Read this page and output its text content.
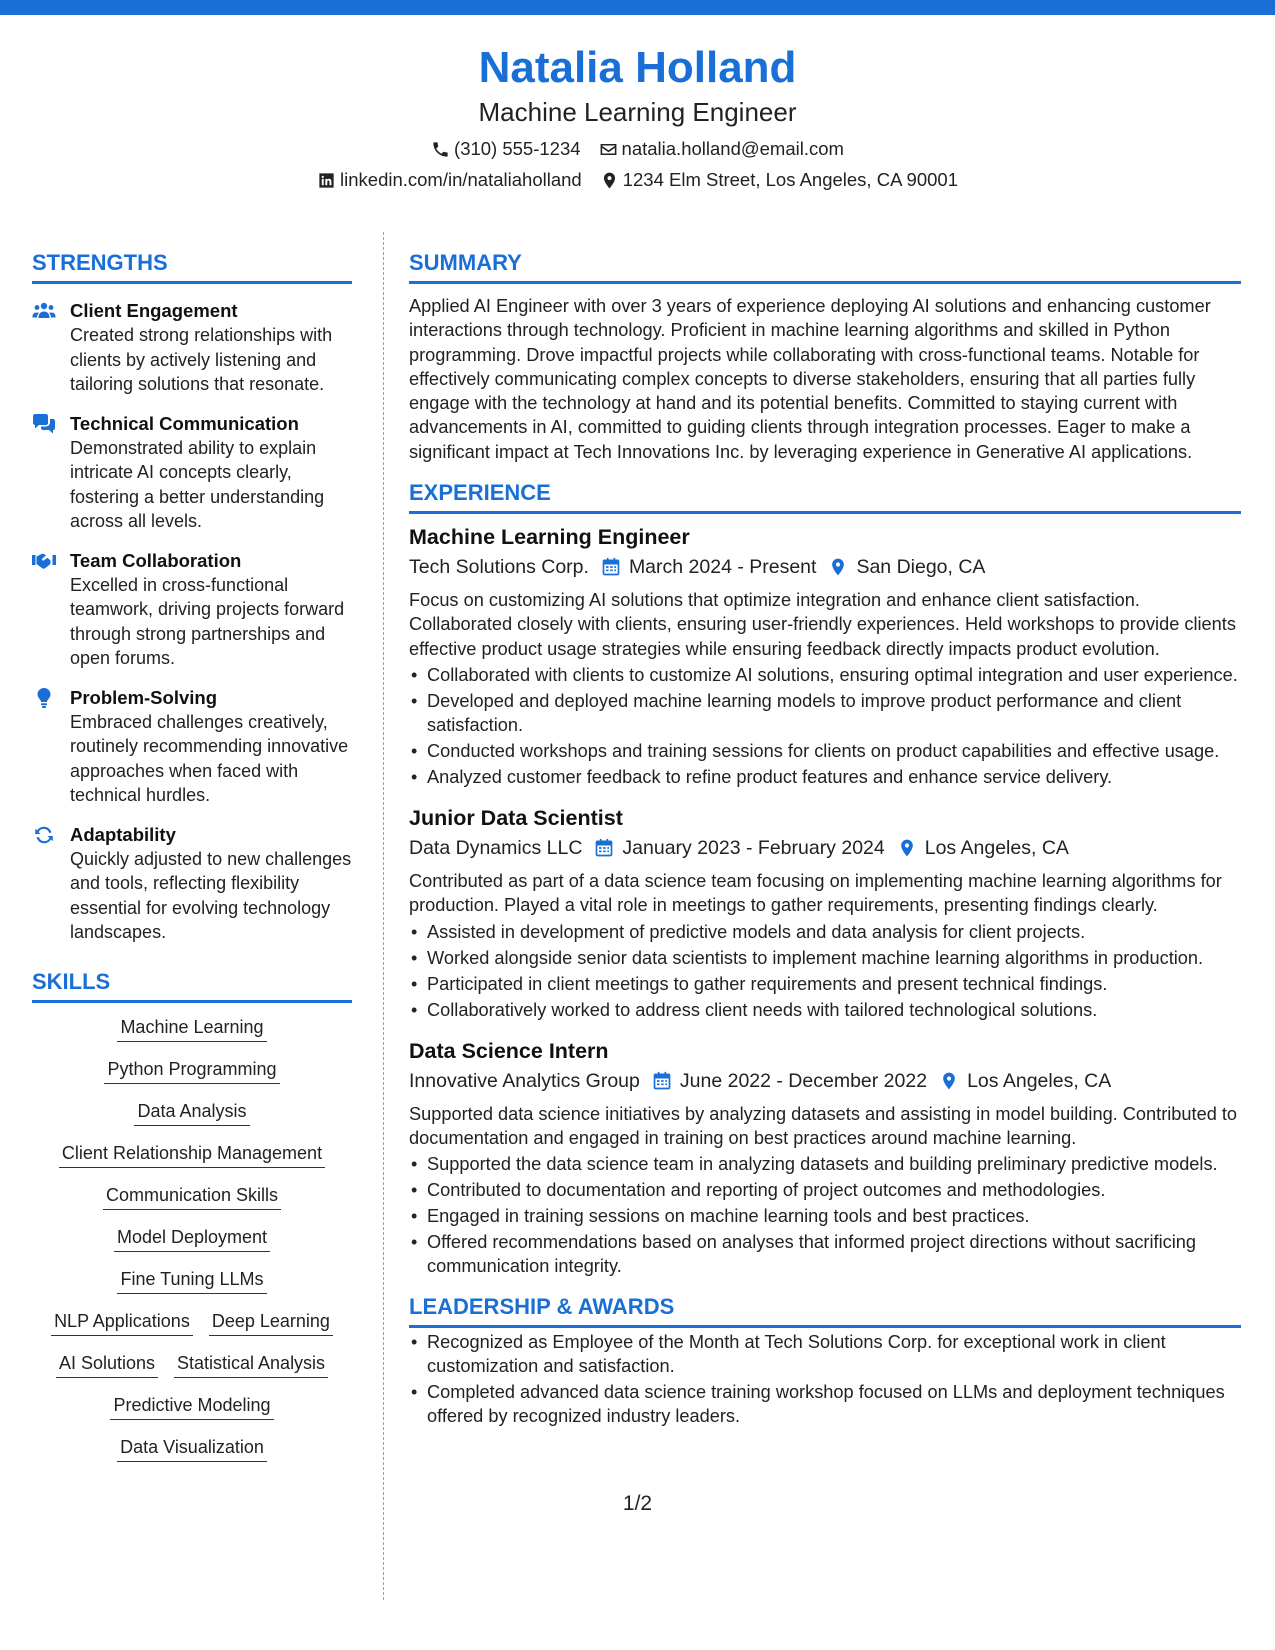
Natalia Holland
Machine Learning Engineer
(310) 555-1234 natalia.holland@email.com
linkedin.com/in/nataliaholland 1234 Elm Street, Los Angeles, CA 90001
STRENGTHS
Client Engagement
Created strong relationships with clients by actively listening and tailoring solutions that resonate.
Technical Communication
Demonstrated ability to explain intricate AI concepts clearly, fostering a better understanding across all levels.
Team Collaboration
Excelled in cross-functional teamwork, driving projects forward through strong partnerships and open forums.
Problem-Solving
Embraced challenges creatively, routinely recommending innovative approaches when faced with technical hurdles.
Adaptability
Quickly adjusted to new challenges and tools, reflecting flexibility essential for evolving technology landscapes.
SKILLS
Machine Learning
Python Programming
Data Analysis
Client Relationship Management
Communication Skills
Model Deployment
Fine Tuning LLMs
NLP Applications Deep Learning
AI Solutions Statistical Analysis
Predictive Modeling
Data Visualization
SUMMARY
Applied AI Engineer with over 3 years of experience deploying AI solutions and enhancing customer interactions through technology. Proficient in machine learning algorithms and skilled in Python programming. Drove impactful projects while collaborating with cross-functional teams. Notable for effectively communicating complex concepts to diverse stakeholders, ensuring that all parties fully engage with the technology at hand and its potential benefits. Committed to staying current with advancements in AI, committed to guiding clients through integration processes. Eager to make a significant impact at Tech Innovations Inc. by leveraging experience in Generative AI applications.
EXPERIENCE
Machine Learning Engineer
Tech Solutions Corp. March 2024 - Present San Diego, CA
Focus on customizing AI solutions that optimize integration and enhance client satisfaction. Collaborated closely with clients, ensuring user-friendly experiences. Held workshops to provide clients effective product usage strategies while ensuring feedback directly impacts product evolution.
• Collaborated with clients to customize AI solutions, ensuring optimal integration and user experience.
• Developed and deployed machine learning models to improve product performance and client satisfaction.
• Conducted workshops and training sessions for clients on product capabilities and effective usage.
• Analyzed customer feedback to refine product features and enhance service delivery.
Junior Data Scientist
Data Dynamics LLC January 2023 - February 2024 Los Angeles, CA
Contributed as part of a data science team focusing on implementing machine learning algorithms for production. Played a vital role in meetings to gather requirements, presenting findings clearly.
• Assisted in development of predictive models and data analysis for client projects.
• Worked alongside senior data scientists to implement machine learning algorithms in production.
• Participated in client meetings to gather requirements and present technical findings.
• Collaboratively worked to address client needs with tailored technological solutions.
Data Science Intern
Innovative Analytics Group June 2022 - December 2022 Los Angeles, CA
Supported data science initiatives by analyzing datasets and assisting in model building. Contributed to documentation and engaged in training on best practices around machine learning.
• Supported the data science team in analyzing datasets and building preliminary predictive models.
• Contributed to documentation and reporting of project outcomes and methodologies.
• Engaged in training sessions on machine learning tools and best practices.
• Offered recommendations based on analyses that informed project directions without sacrificing communication integrity.
LEADERSHIP & AWARDS
• Recognized as Employee of the Month at Tech Solutions Corp. for exceptional work in client customization and satisfaction.
• Completed advanced data science training workshop focused on LLMs and deployment techniques offered by recognized industry leaders.
1/2
